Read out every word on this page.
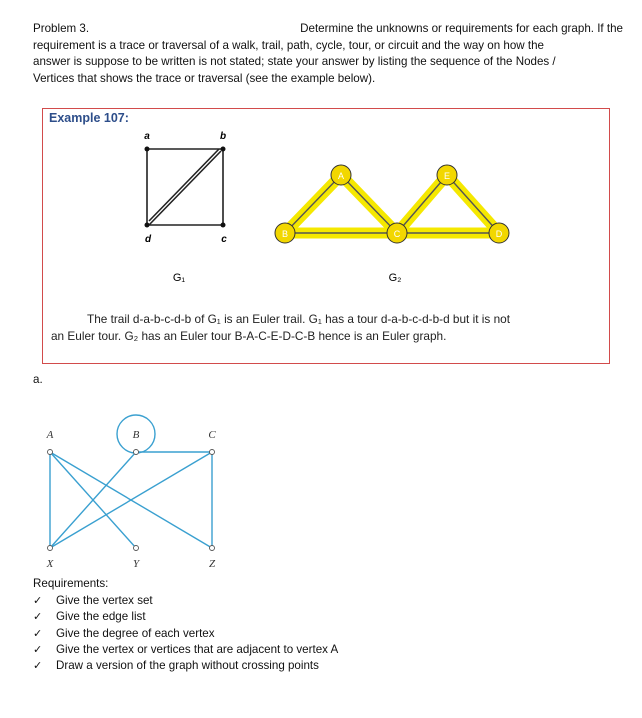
Problem 3.	Determine the unknowns or requirements for each graph. If the

requirement is a trace or traversal of a walk, trail, path, cycle, tour, or circuit and the way on how the

answer is suppose to be written is not stated; state your answer by listing the sequence of the Nodes /

Vertices that shows the trace or traversal (see the example below).

Example 107:
a	b
c
d
G₁
A
B	C	D
E
G₂
The trail d-a-b-c-d-b of G₁ is an Euler trail. G₁ has a tour d-a-b-c-d-b-d but it is not
an Euler tour. G₂ has an Euler tour B-A-C-E-D-C-B hence is an Euler graph.
a.
A	B	C
X	Y	Z
Requirements:
✓	Give the vertex set
✓	Give the edge list
✓	Give the degree of each vertex
✓	Give the vertex or vertices that are adjacent to vertex A
✓	Draw a version of the graph without crossing points
